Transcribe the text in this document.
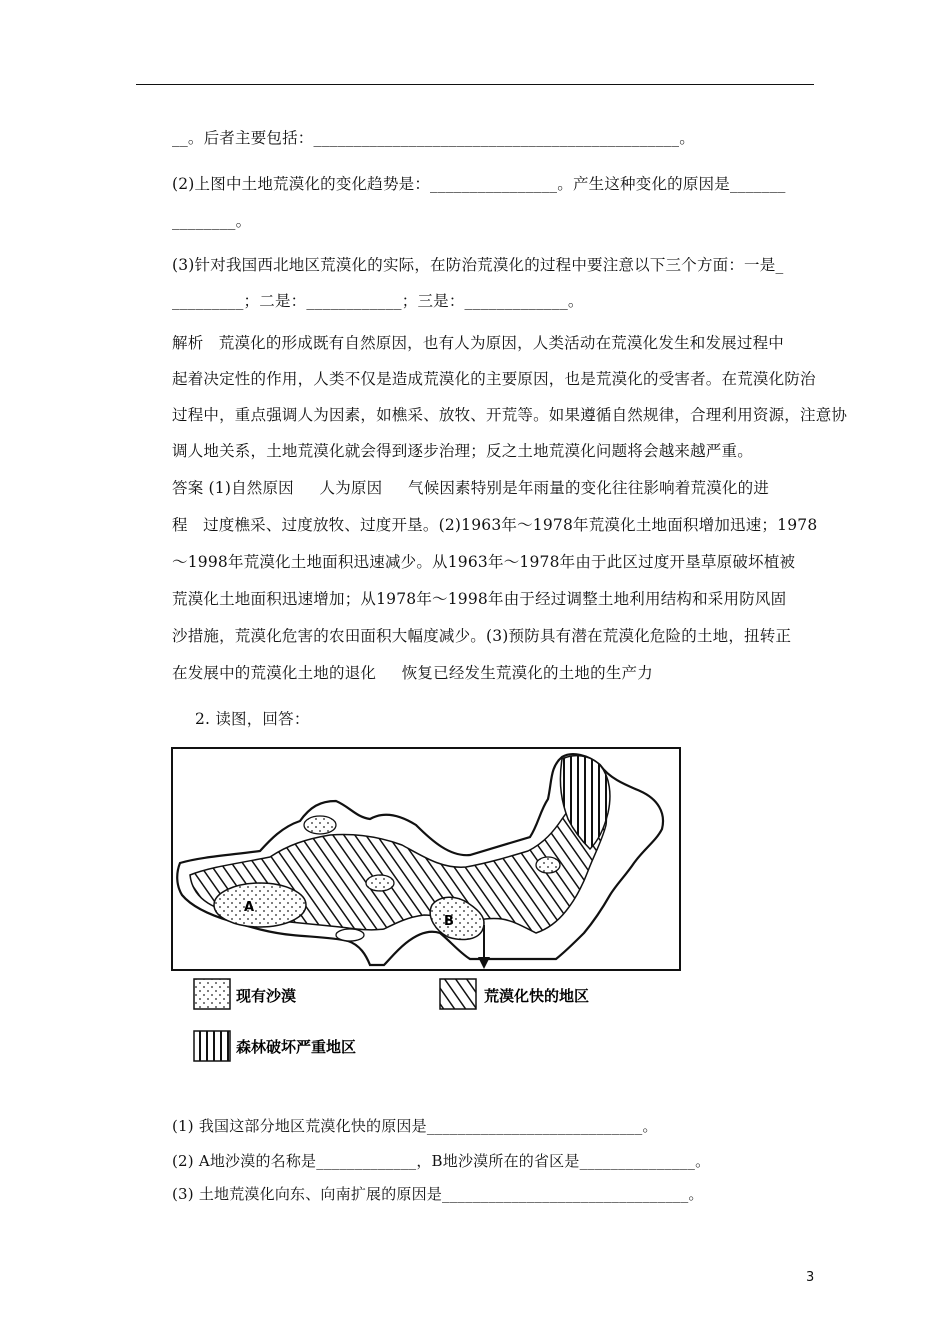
__。后者主要包括：______________________________________________。
(2)上图中土地荒漠化的变化趋势是：________________。产生这种变化的原因是_______
________。
(3)针对我国西北地区荒漠化的实际，在防治荒漠化的过程中要注意以下三个方面：一是_
_________；二是：____________；三是：_____________。
解析   荒漠化的形成既有自然原因，也有人为原因，人类活动在荒漠化发生和发展过程中
起着决定性的作用，人类不仅是造成荒漠化的主要原因，也是荒漠化的受害者。在荒漠化防治
过程中，重点强调人为因素，如樵采、放牧、开荒等。如果遵循自然规律，合理利用资源，注意协
调人地关系，土地荒漠化就会得到逐步治理；反之土地荒漠化问题将会越来越严重。
答案 (1)自然原因     人为原因     气候因素特别是年雨量的变化往往影响着荒漠化的进
程   过度樵采、过度放牧、过度开垦。(2)1963年～1978年荒漠化土地面积增加迅速；1978
～1998年荒漠化土地面积迅速减少。从1963年～1978年由于此区过度开垦草原破坏植被
荒漠化土地面积迅速增加；从1978年～1998年由于经过调整土地利用结构和采用防风固
沙措施，荒漠化危害的农田面积大幅度减少。(3)预防具有潜在荒漠化危险的土地，扭转正
在发展中的荒漠化土地的退化     恢复已经发生荒漠化的土地的生产力
2. 读图，回答：
A
B
现有沙漠	荒漠化快的地区
森林破坏严重地区
(1) 我国这部分地区荒漠化快的原因是____________________________。
(2) A地沙漠的名称是_____________，B地沙漠所在的省区是_______________。
(3) 土地荒漠化向东、向南扩展的原因是________________________________。
3
